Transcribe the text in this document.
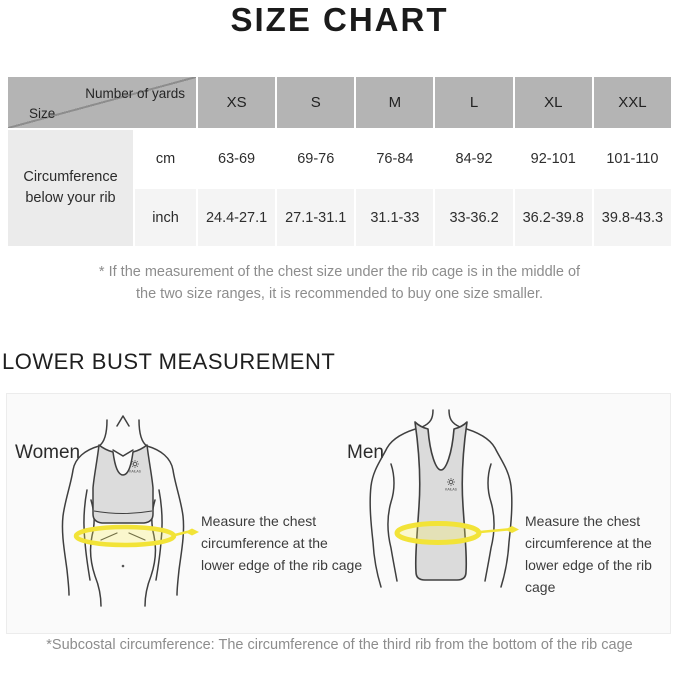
SIZE CHART
Number of yards
Size
XS	S	M	L	XL	XXL
Circumference below your rib
cm	63-69	69-76	76-84	84-92	92-101	101-110
inch	24.4-27.1	27.1-31.1	31.1-33	33-36.2	36.2-39.8	39.8-43.3
* If the measurement of the chest size under the rib cage is in the middle of
the two size ranges, it is recommended to buy one size smaller.
LOWER BUST MEASUREMENT
Women	Men
KAILAS
KAILAS
Measure the chest
circumference at the
lower edge of the rib cage
Measure the chest
circumference at the
lower edge of the rib cage
*Subcostal circumference: The circumference of the third rib from the bottom of the rib cage
